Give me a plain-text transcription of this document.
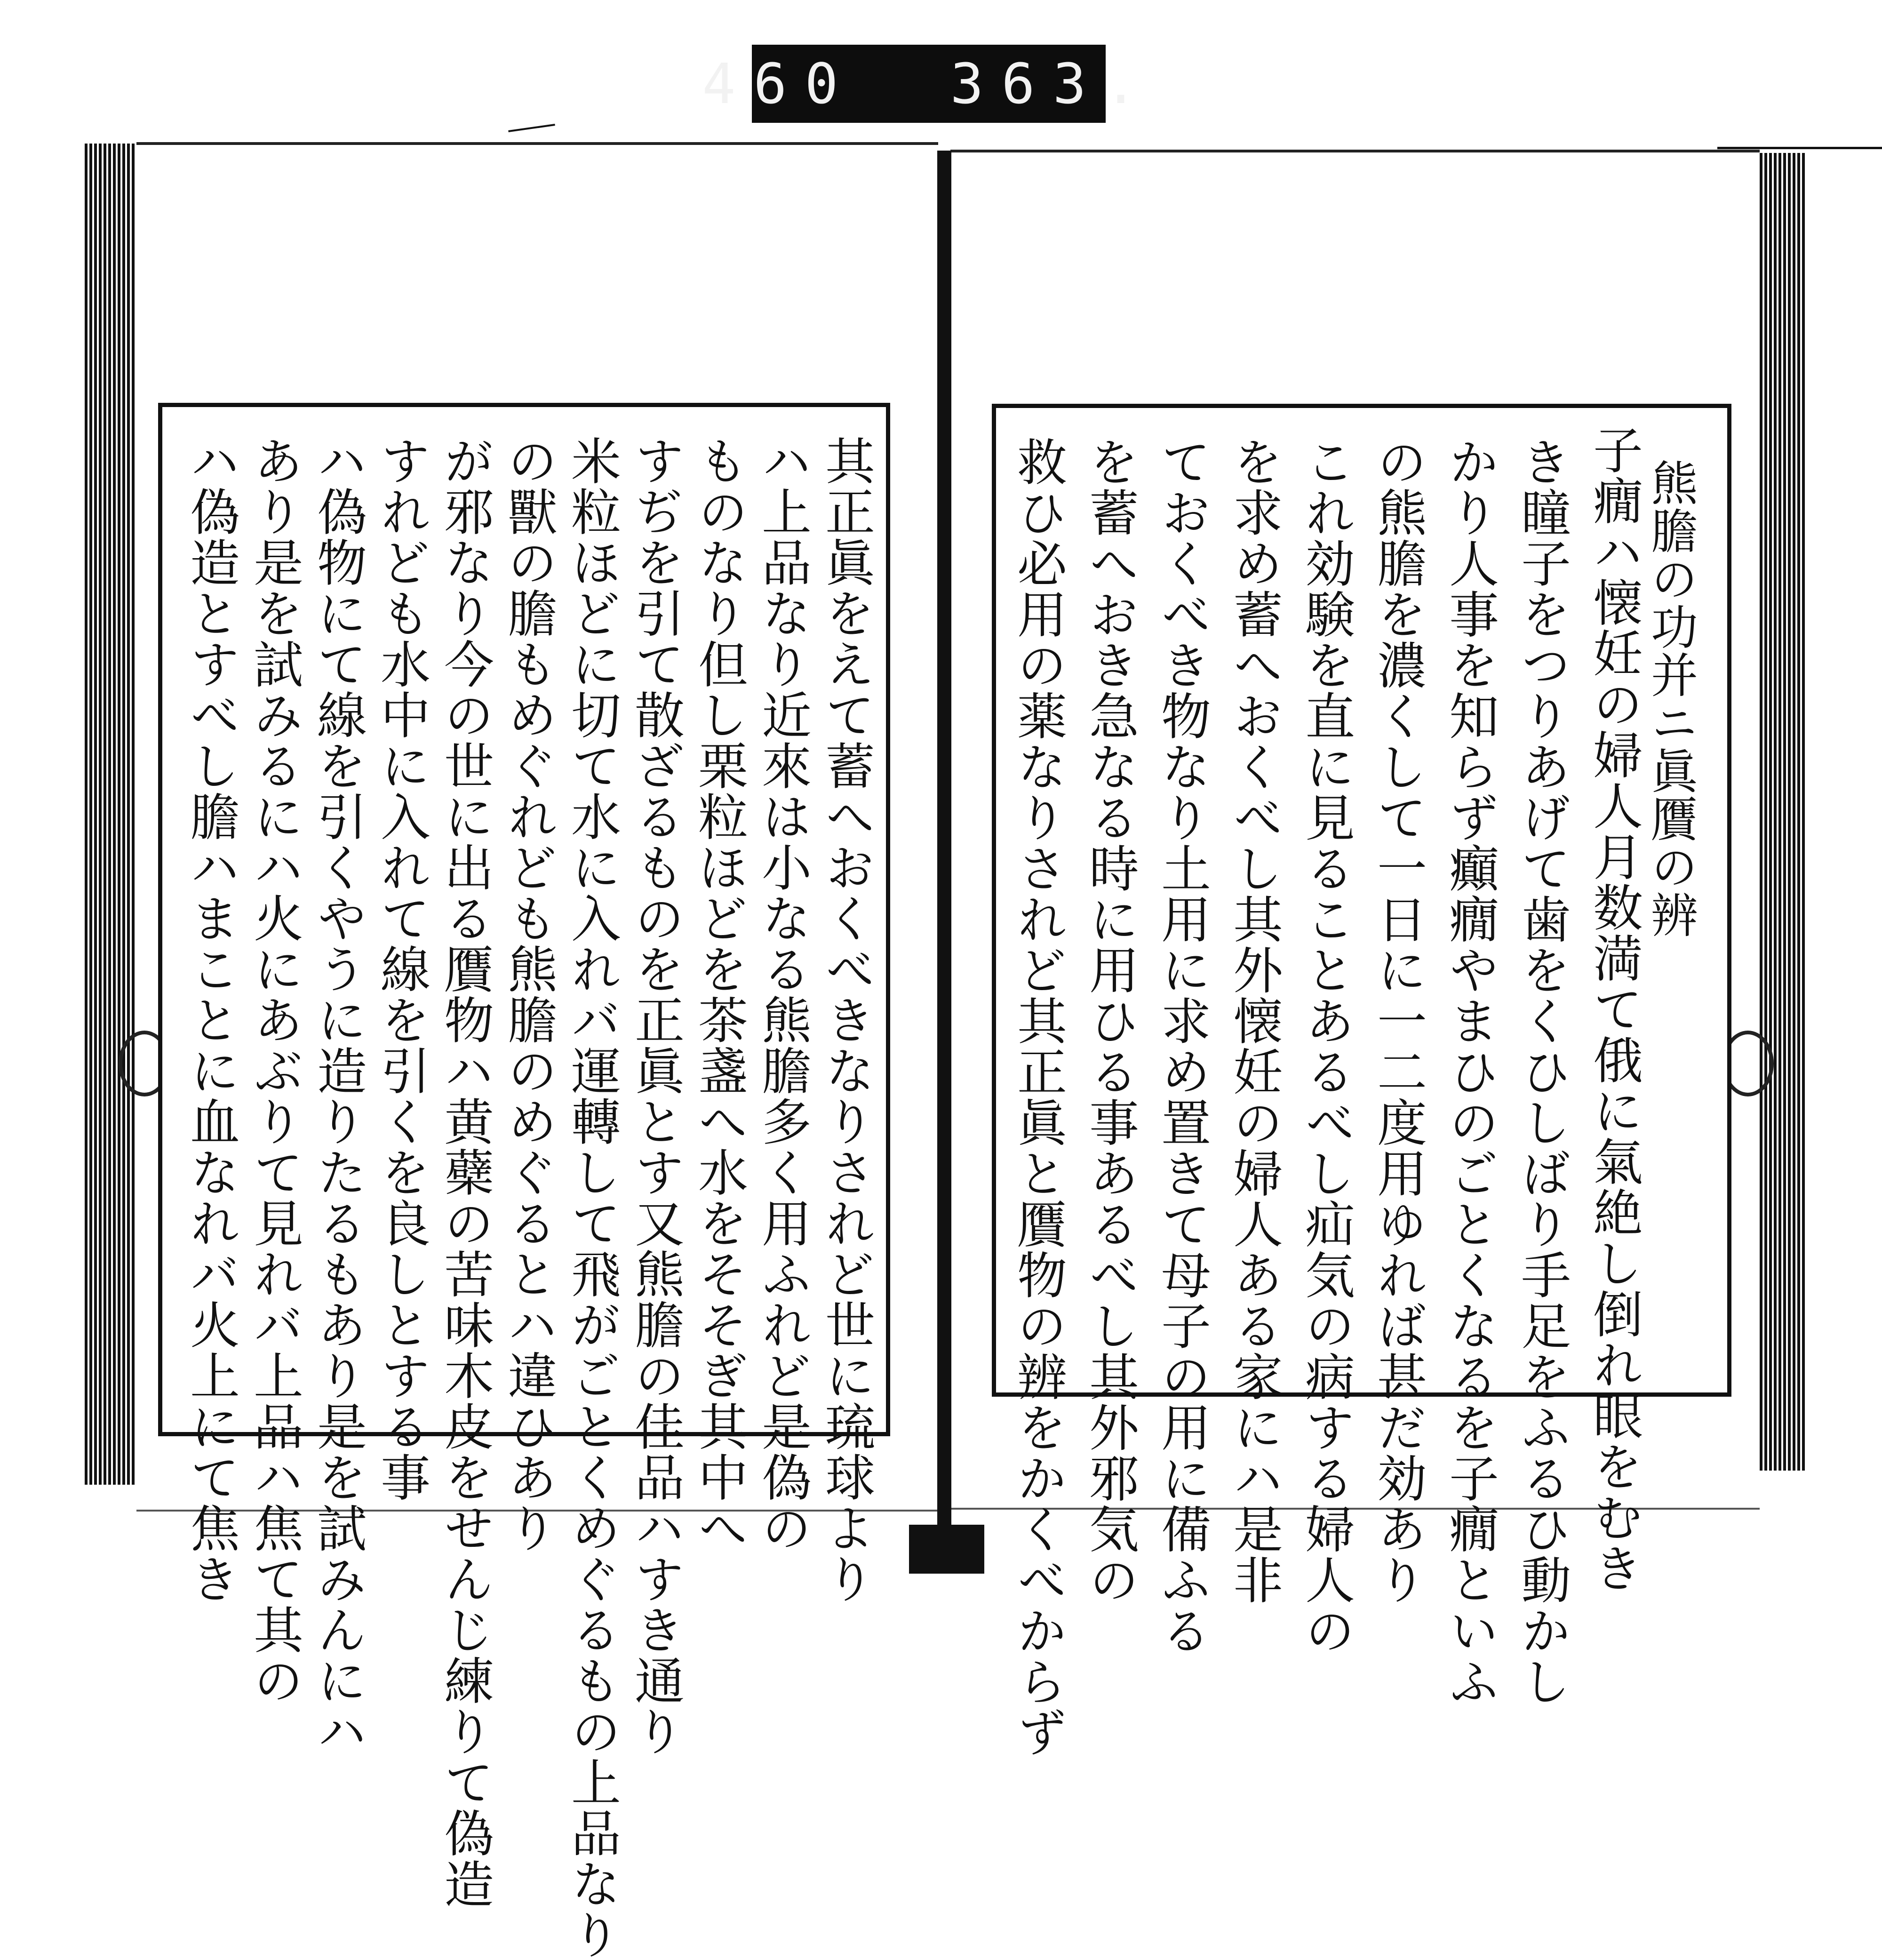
460 363.
熊膽の功并ニ眞贋の辨
子癇ハ懐妊の婦人月数満て俄に氣絶し倒れ眼をむき
き瞳子をつりあげて歯をくひしばり手足をふるひ動かし
かり人事を知らず癲癇やまひのごとくなるを子癇といふ
の熊膽を濃くして一日に一二度用ゆれば甚だ効あり
これ効験を直に見ることあるべし疝気の病する婦人の
を求め蓄へおくべし其外懐妊の婦人ある家にハ是非
ておくべき物なり土用に求め置きて母子の用に備ふる
を蓄へおき急なる時に用ひる事あるべし其外邪気の
救ひ必用の薬なりされど其正眞と贋物の辨をかくべからず
其正眞をえて蓄へおくべきなりされど世に琉球より
ハ上品なり近來は小なる熊膽多く用ふれど是偽の
ものなり但し栗粒ほどを茶盞へ水をそそぎ其中へ
すぢを引て散ざるものを正眞とす又熊膽の佳品ハすき通り
米粒ほどに切て水に入れバ運轉して飛がごとくめぐるもの上品なり
の獸の膽もめぐれども熊膽のめぐるとハ違ひあり
が邪なり今の世に出る贋物ハ黄蘗の苦味木皮をせんじ練りて偽造
すれども水中に入れて線を引くを良しとする事
ハ偽物にて線を引くやうに造りたるもあり是を試みんにハ
あり是を試みるにハ火にあぶりて見れバ上品ハ焦て其の
ハ偽造とすべし膽ハまことに血なれバ火上にて焦き
